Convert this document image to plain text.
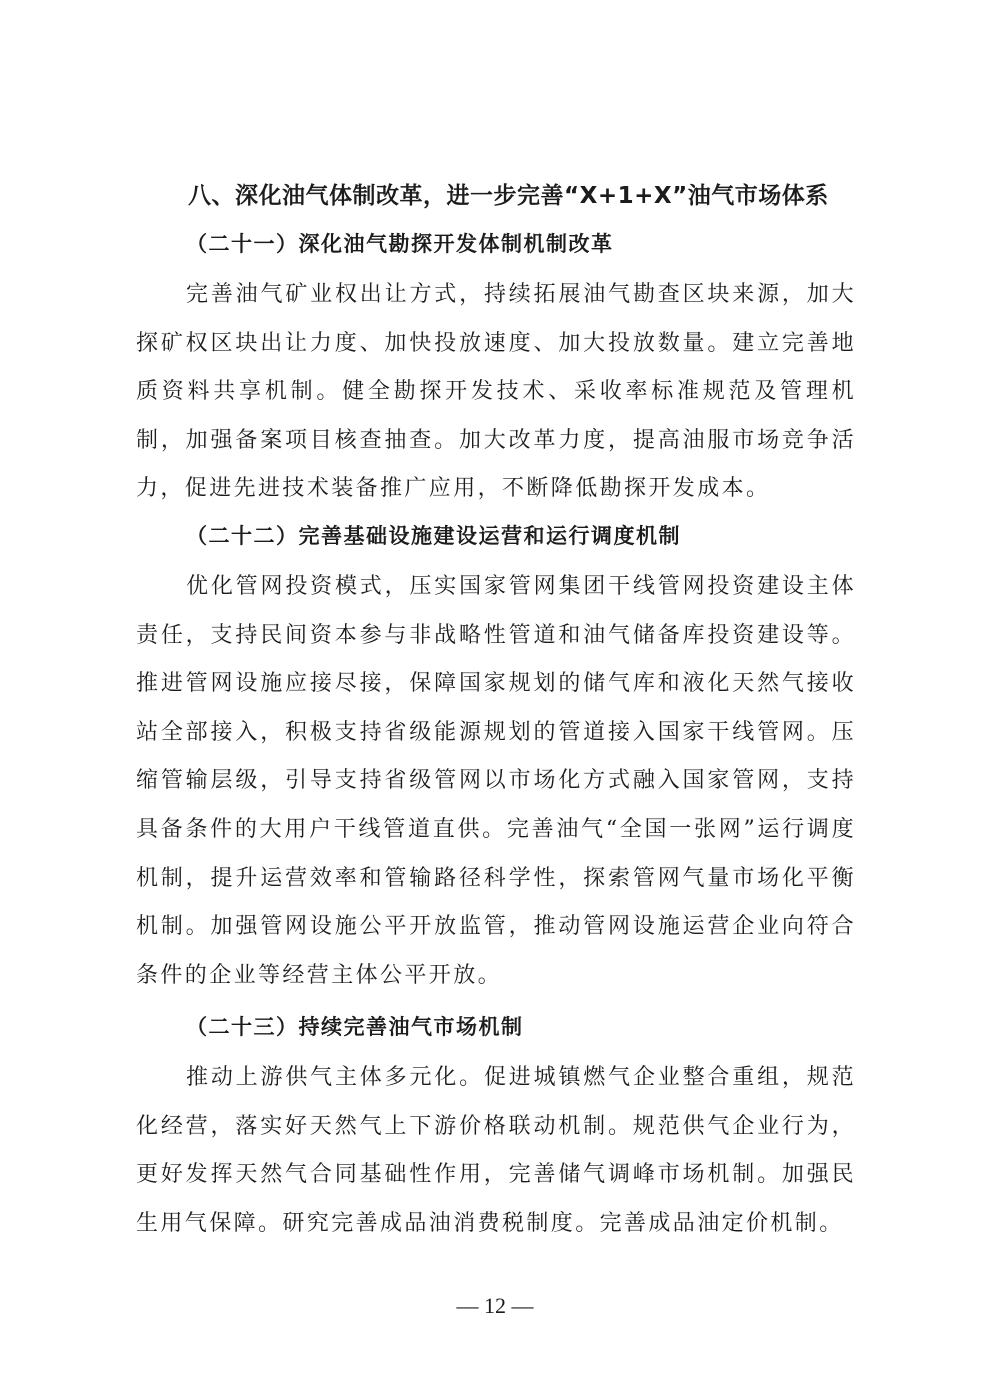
八、深化油气体制改革，进一步完善“X+1+X”油气市场体系
（二十一）深化油气勘探开发体制机制改革

完善油气矿业权出让方式，持续拓展油气勘查区块来源，加大探矿权区块出让力度、加快投放速度、加大投放数量。建立完善地质资料共享机制。健全勘探开发技术、采收率标准规范及管理机制，加强备案项目核查抽查。加大改革力度，提高油服市场竞争活力，促进先进技术装备推广应用，不断降低勘探开发成本。

（二十二）完善基础设施建设运营和运行调度机制

优化管网投资模式，压实国家管网集团干线管网投资建设主体责任，支持民间资本参与非战略性管道和油气储备库投资建设等。推进管网设施应接尽接，保障国家规划的储气库和液化天然气接收站全部接入，积极支持省级能源规划的管道接入国家干线管网。压缩管输层级，引导支持省级管网以市场化方式融入国家管网，支持具备条件的大用户干线管道直供。完善油气“全国一张网”运行调度机制，提升运营效率和管输路径科学性，探索管网气量市场化平衡机制。加强管网设施公平开放监管，推动管网设施运营企业向符合条件的企业等经营主体公平开放。

（二十三）持续完善油气市场机制

推动上游供气主体多元化。促进城镇燃气企业整合重组，规范化经营，落实好天然气上下游价格联动机制。规范供气企业行为，更好发挥天然气合同基础性作用，完善储气调峰市场机制。加强民生用气保障。研究完善成品油消费税制度。完善成品油定价机制。

— 12 —
